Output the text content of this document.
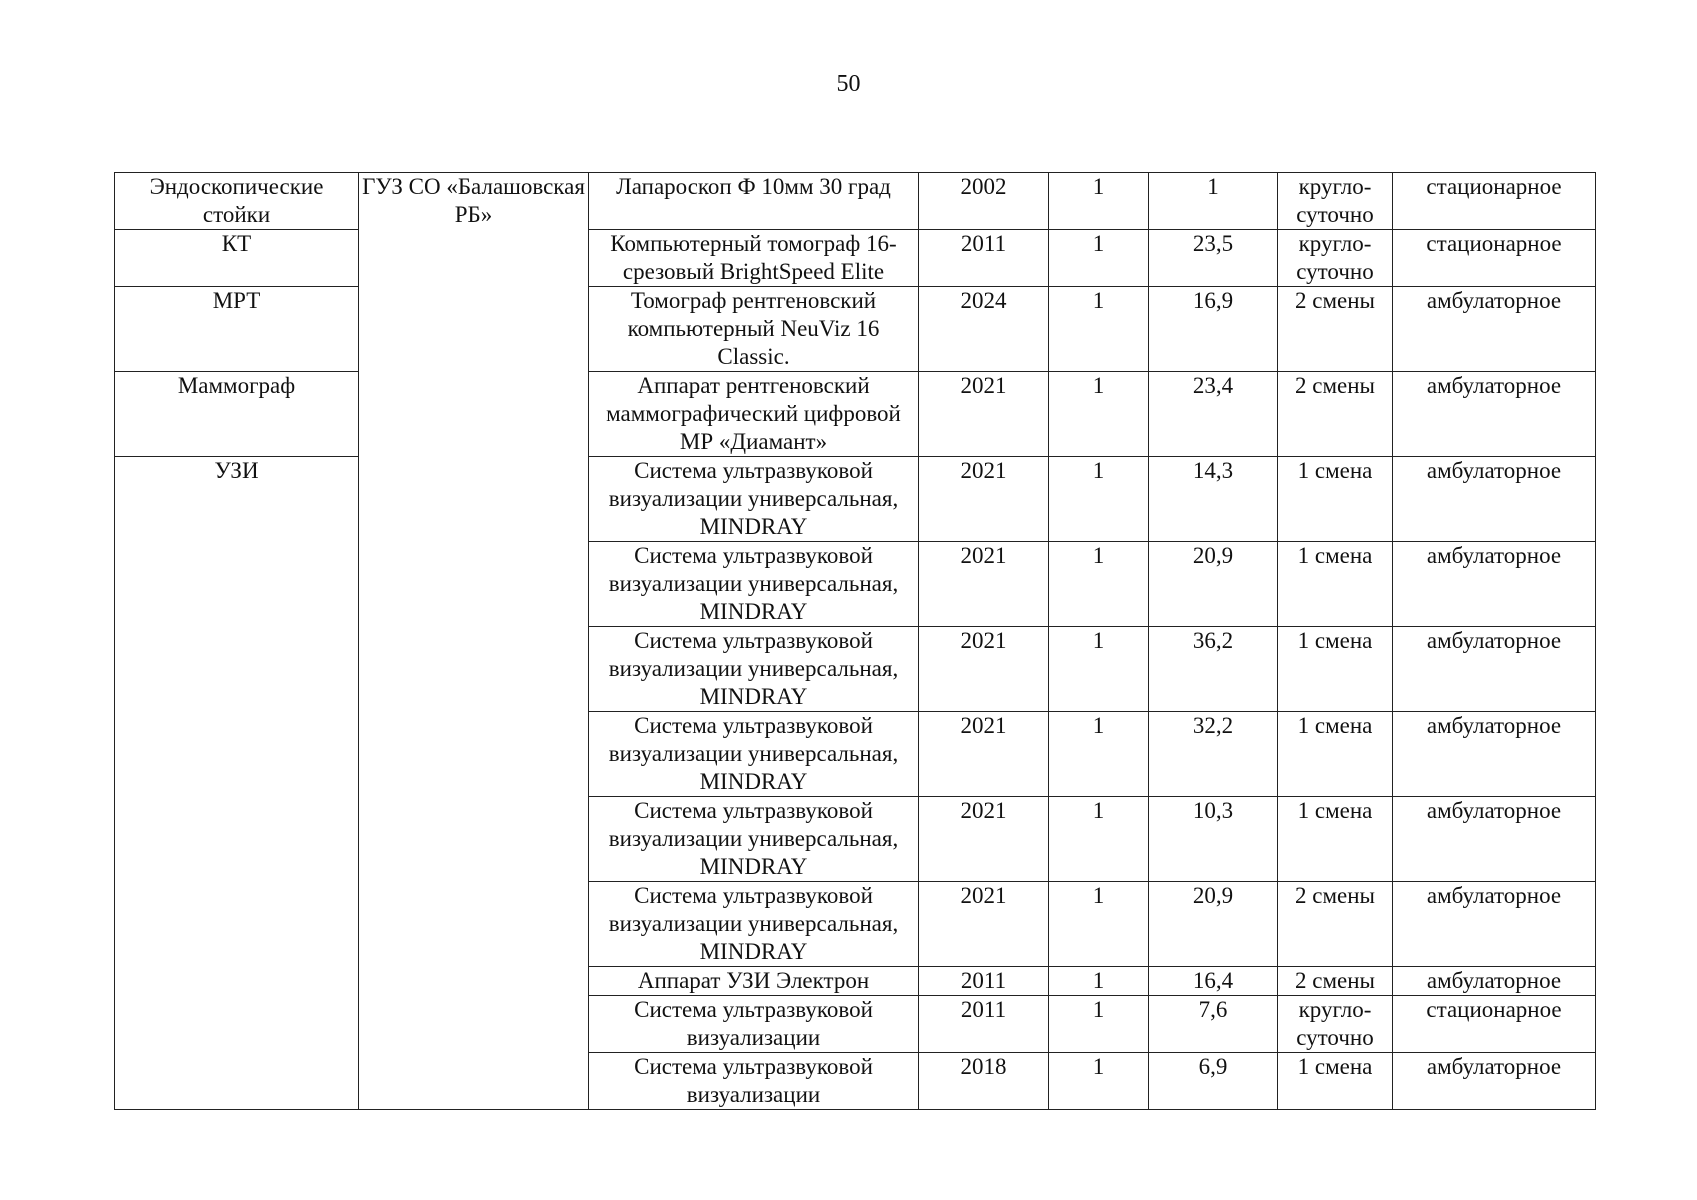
50
Эндоскопические стойки	ГУЗ СО «Балашовская РБ»	Лапароскоп Ф 10мм 30 град	2002	1	1	кругло-суточно	стационарное
КТ		Компьютерный томограф 16-срезовый BrightSpeed Elite	2011	1	23,5	кругло-суточно	стационарное
МРТ		Томограф рентгеновский компьютерный NeuViz 16 Classic.	2024	1	16,9	2 смены	амбулаторное
Маммограф		Аппарат рентгеновский маммографический цифровой МР «Диамант»	2021	1	23,4	2 смены	амбулаторное
УЗИ		Система ультразвуковой визуализации универсальная, MINDRAY	2021	1	14,3	1 смена	амбулаторное
		Система ультразвуковой визуализации универсальная, MINDRAY	2021	1	20,9	1 смена	амбулаторное
		Система ультразвуковой визуализации универсальная, MINDRAY	2021	1	36,2	1 смена	амбулаторное
		Система ультразвуковой визуализации универсальная, MINDRAY	2021	1	32,2	1 смена	амбулаторное
		Система ультразвуковой визуализации универсальная, MINDRAY	2021	1	10,3	1 смена	амбулаторное
		Система ультразвуковой визуализации универсальная, MINDRAY	2021	1	20,9	2 смены	амбулаторное
		Аппарат УЗИ Электрон	2011	1	16,4	2 смены	амбулаторное
		Система ультразвуковой визуализации	2011	1	7,6	кругло-суточно	стационарное
		Система ультразвуковой визуализации	2018	1	6,9	1 смена	амбулаторное
